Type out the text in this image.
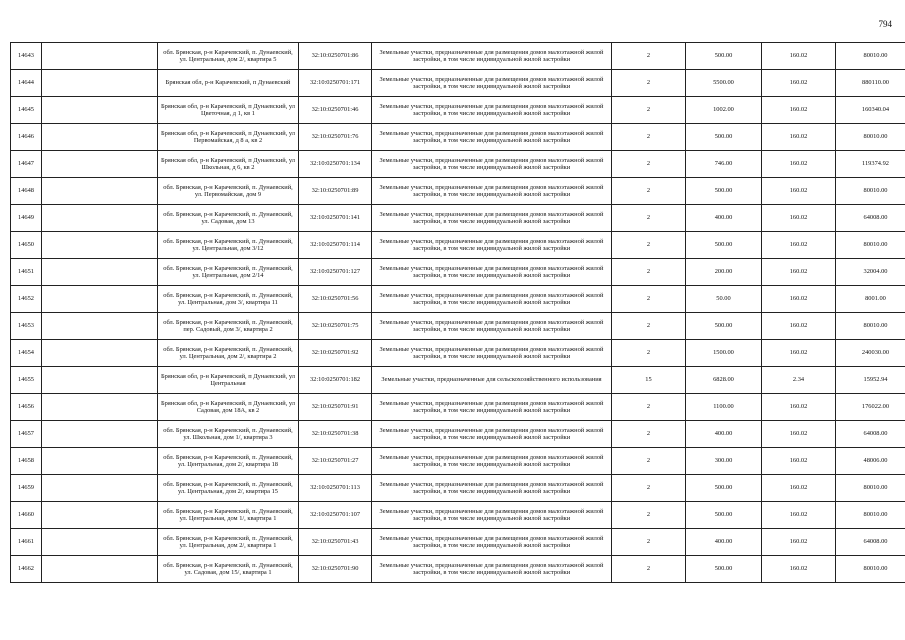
794
14643		обл. Брянская, р-н Карачевский, п. Дунаевский, ул. Центральная, дом 2/, квартира 5	32:10:0250701:86	Земельные участки, предназначенные для размещения домов малоэтажной жилой застройки, в том числе индивидуальной жилой застройки	2	500.00	160.02	80010.00
14644		Брянская обл, р-н Карачевский, п Дунаевский	32:10:0250701:171	Земельные участки, предназначенные для размещения домов малоэтажной жилой застройки, в том числе индивидуальной жилой застройки	2	5500.00	160.02	880110.00
14645		Брянская обл, р-н Карачевский, п Дунаевский, ул Цветочная, д 1, кв 1	32:10:0250701:46	Земельные участки, предназначенные для размещения домов малоэтажной жилой застройки, в том числе индивидуальной жилой застройки	2	1002.00	160.02	160340.04
14646		Брянская обл, р-н Карачевский, п Дунаевский, ул Первомайская, д 8 а, кв 2	32:10:0250701:76	Земельные участки, предназначенные для размещения домов малоэтажной жилой застройки, в том числе индивидуальной жилой застройки	2	500.00	160.02	80010.00
14647		Брянская обл, р-н Карачевский, п Дунаевский, ул Школьная, д 6, кв 2	32:10:0250701:134	Земельные участки, предназначенные для размещения домов малоэтажной жилой застройки, в том числе индивидуальной жилой застройки	2	746.00	160.02	119374.92
14648		обл. Брянская, р-н Карачевский, п. Дунаевский, ул. Первомайская, дом 9	32:10:0250701:89	Земельные участки, предназначенные для размещения домов малоэтажной жилой застройки, в том числе индивидуальной жилой застройки	2	500.00	160.02	80010.00
14649		обл. Брянская, р-н Карачевский, п. Дунаевский, ул. Садовая, дом 13	32:10:0250701:141	Земельные участки, предназначенные для размещения домов малоэтажной жилой застройки, в том числе индивидуальной жилой застройки	2	400.00	160.02	64008.00
14650		обл. Брянская, р-н Карачевский, п. Дунаевский, ул. Центральная, дом 3/12	32:10:0250701:114	Земельные участки, предназначенные для размещения домов малоэтажной жилой застройки, в том числе индивидуальной жилой застройки	2	500.00	160.02	80010.00
14651		обл. Брянская, р-н Карачевский, п. Дунаевский, ул. Центральная, дом 2/14	32:10:0250701:127	Земельные участки, предназначенные для размещения домов малоэтажной жилой застройки, в том числе индивидуальной жилой застройки	2	200.00	160.02	32004.00
14652		обл. Брянская, р-н Карачевский, п. Дунаевский, ул. Центральная, дом 3/, квартира 11	32:10:0250701:56	Земельные участки, предназначенные для размещения домов малоэтажной жилой застройки, в том числе индивидуальной жилой застройки	2	50.00	160.02	8001.00
14653		обл. Брянская, р-н Карачевский, п. Дунаевский, пер. Садовый, дом 3/, квартира 2	32:10:0250701:75	Земельные участки, предназначенные для размещения домов малоэтажной жилой застройки, в том числе индивидуальной жилой застройки	2	500.00	160.02	80010.00
14654		обл. Брянская, р-н Карачевский, п. Дунаевский, ул. Центральная, дом 2/, квартира 2	32:10:0250701:92	Земельные участки, предназначенные для размещения домов малоэтажной жилой застройки, в том числе индивидуальной жилой застройки	2	1500.00	160.02	240030.00
14655		Брянская обл, р-н Карачевский, п Дунаевский, ул Центральная	32:10:0250701:182	Земельные участки, предназначенные для сельскохозяйственного использования	15	6828.00	2.34	15952.94
14656		Брянская обл, р-н Карачевский, п Дунаевский, ул Садовая, дом 18А, кв 2	32:10:0250701:91	Земельные участки, предназначенные для размещения домов малоэтажной жилой застройки, в том числе индивидуальной жилой застройки	2	1100.00	160.02	176022.00
14657		обл. Брянская, р-н Карачевский, п. Дунаевский, ул. Школьная, дом 1/, квартира 3	32:10:0250701:38	Земельные участки, предназначенные для размещения домов малоэтажной жилой застройки, в том числе индивидуальной жилой застройки	2	400.00	160.02	64008.00
14658		обл. Брянская, р-н Карачевский, п. Дунаевский, ул. Центральная, дом 2/, квартира 18	32:10:0250701:27	Земельные участки, предназначенные для размещения домов малоэтажной жилой застройки, в том числе индивидуальной жилой застройки	2	300.00	160.02	48006.00
14659		обл. Брянская, р-н Карачевский, п. Дунаевский, ул. Центральная, дом 2/, квартира 15	32:10:0250701:113	Земельные участки, предназначенные для размещения домов малоэтажной жилой застройки, в том числе индивидуальной жилой застройки	2	500.00	160.02	80010.00
14660		обл. Брянская, р-н Карачевский, п. Дунаевский, ул. Центральная, дом 1/, квартира 1	32:10:0250701:107	Земельные участки, предназначенные для размещения домов малоэтажной жилой застройки, в том числе индивидуальной жилой застройки	2	500.00	160.02	80010.00
14661		обл. Брянская, р-н Карачевский, п. Дунаевский, ул. Центральная, дом 2/, квартира 1	32:10:0250701:43	Земельные участки, предназначенные для размещения домов малоэтажной жилой застройки, в том числе индивидуальной жилой застройки	2	400.00	160.02	64008.00
14662		обл. Брянская, р-н Карачевский, п. Дунаевский, ул. Садовая, дом 15/, квартира 1	32:10:0250701:90	Земельные участки, предназначенные для размещения домов малоэтажной жилой застройки, в том числе индивидуальной жилой застройки	2	500.00	160.02	80010.00
